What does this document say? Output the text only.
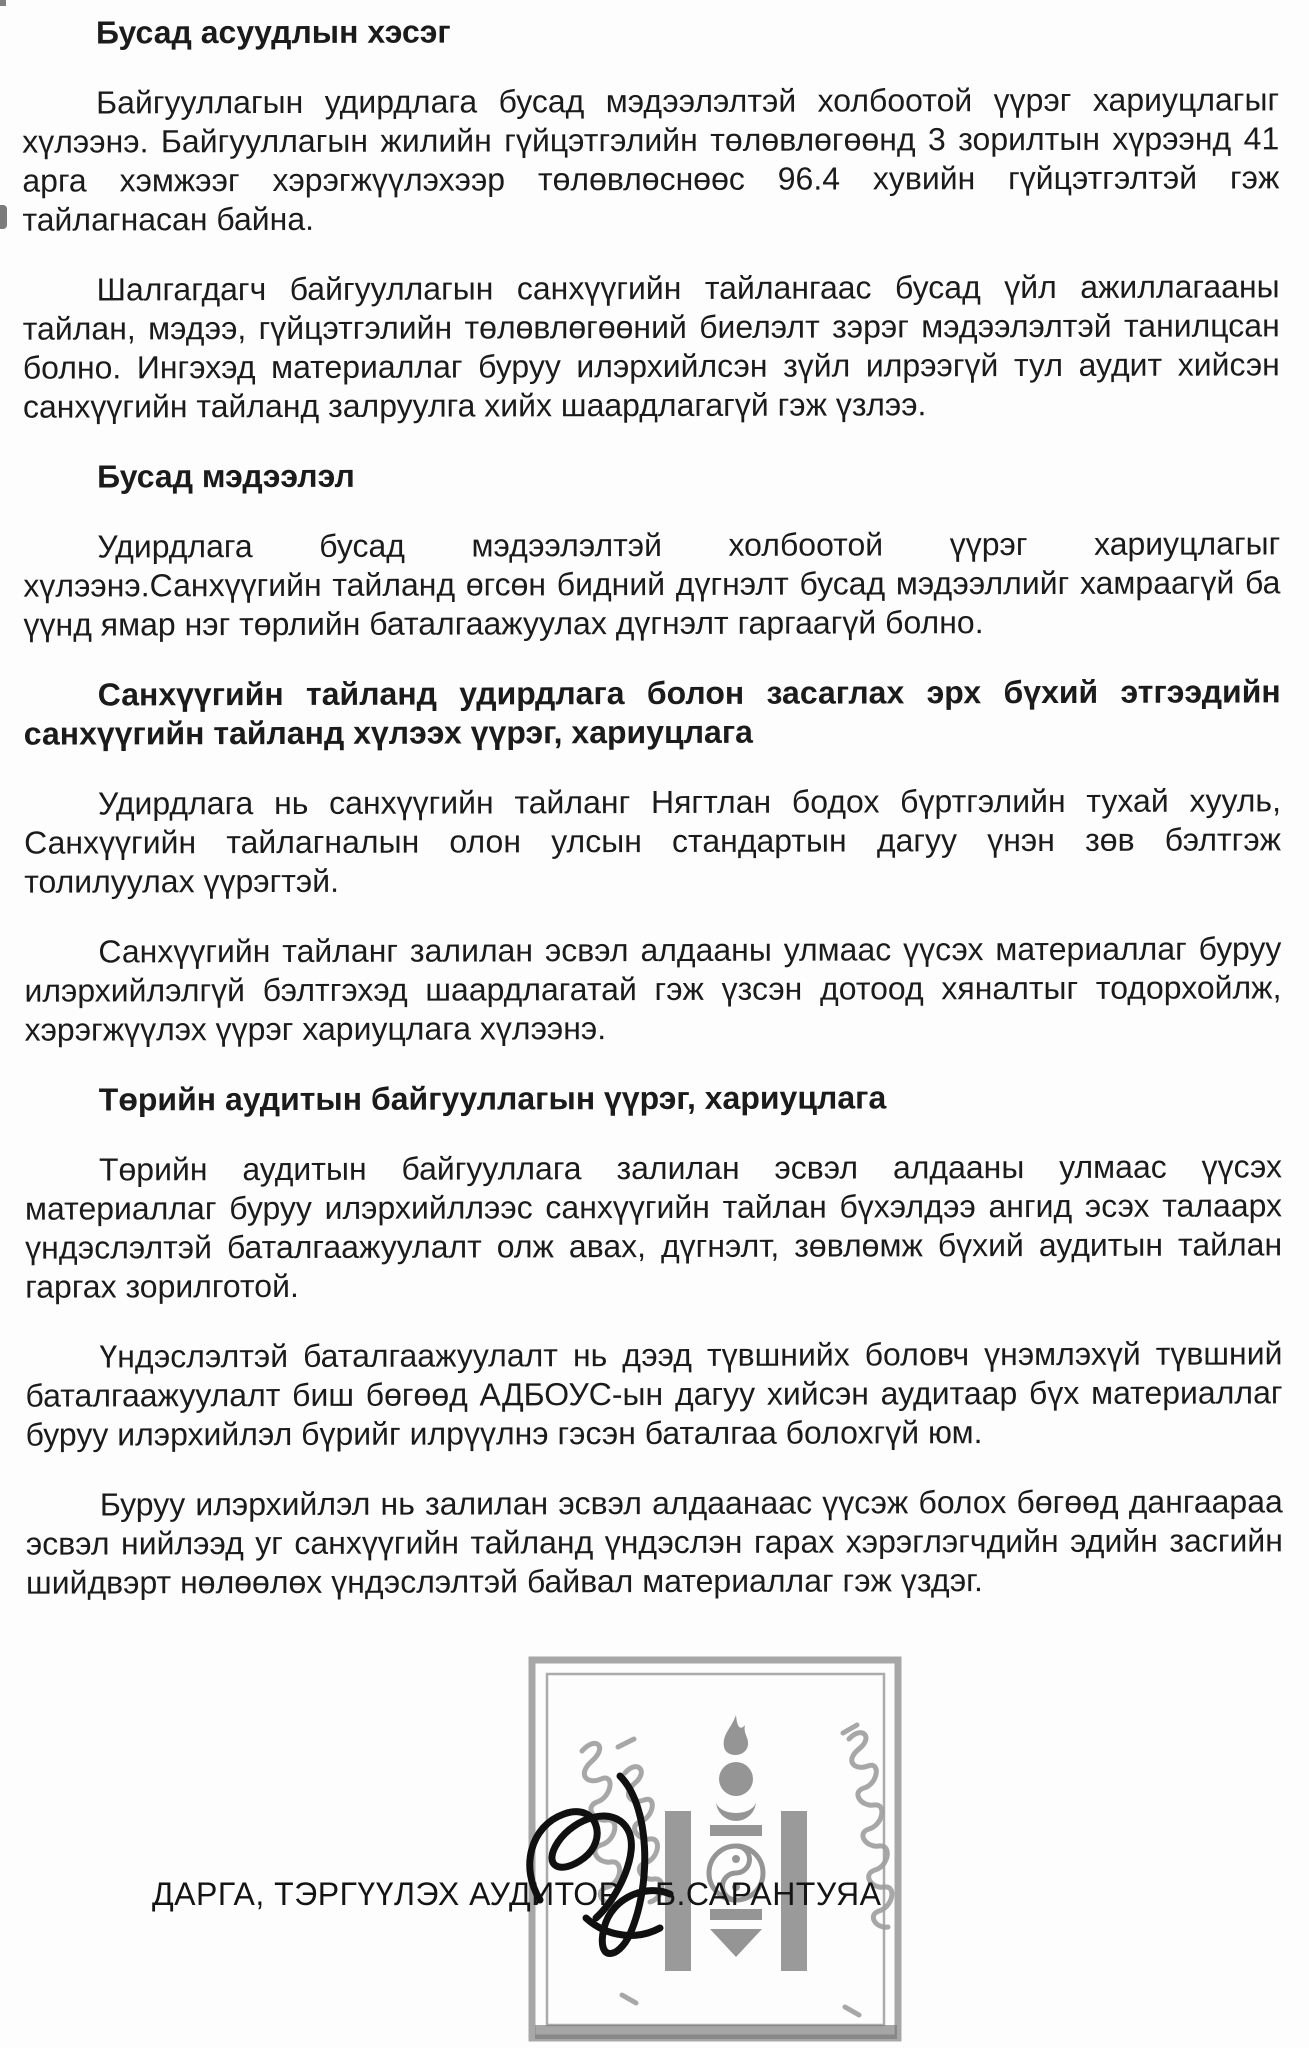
Бусад асуудлын хэсэг

Байгууллагын удирдлага бусад мэдээлэлтэй холбоотой үүрэг хариуцлагыг хүлээнэ. Байгууллагын жилийн гүйцэтгэлийн төлөвлөгөөнд 3 зорилтын хүрээнд 41 арга хэмжээг хэрэгжүүлэхээр төлөвлөснөөс 96.4 хувийн гүйцэтгэлтэй гэж тайлагнасан байна.

Шалгагдагч байгууллагын санхүүгийн тайлангаас бусад үйл ажиллагааны тайлан, мэдээ, гүйцэтгэлийн төлөвлөгөөний биелэлт зэрэг мэдээлэлтэй танилцсан болно. Ингэхэд материаллаг буруу илэрхийлсэн зүйл илрээгүй тул аудит хийсэн санхүүгийн тайланд залруулга хийх шаардлагагүй гэж үзлээ.

Бусад мэдээлэл

Удирдлага бусад мэдээлэлтэй холбоотой үүрэг хариуцлагыг хүлээнэ.Санхүүгийн тайланд өгсөн бидний дүгнэлт бусад мэдээллийг хамраагүй ба үүнд ямар нэг төрлийн баталгаажуулах дүгнэлт гаргаагүй болно.

Санхүүгийн тайланд удирдлага болон засаглах эрх бүхий этгээдийн санхүүгийн тайланд хүлээх үүрэг, хариуцлага

Удирдлага нь санхүүгийн тайланг Нягтлан бодох бүртгэлийн тухай хууль, Санхүүгийн тайлагналын олон улсын стандартын дагуу үнэн зөв бэлтгэж толилуулах үүрэгтэй.

Санхүүгийн тайланг залилан эсвэл алдааны улмаас үүсэх материаллаг буруу илэрхийлэлгүй бэлтгэхэд шаардлагатай гэж үзсэн дотоод хяналтыг тодорхойлж, хэрэгжүүлэх үүрэг хариуцлага хүлээнэ.

Төрийн аудитын байгууллагын үүрэг, хариуцлага

Төрийн аудитын байгууллага залилан эсвэл алдааны улмаас үүсэх материаллаг буруу илэрхийллээс санхүүгийн тайлан бүхэлдээ ангид эсэх талаарх үндэслэлтэй баталгаажуулалт олж авах, дүгнэлт, зөвлөмж бүхий аудитын тайлан гаргах зорилготой.

Үндэслэлтэй баталгаажуулалт нь дээд түвшнийх боловч үнэмлэхүй түвшний баталгаажуулалт биш бөгөөд АДБОУС-ын дагуу хийсэн аудитаар бүх материаллаг буруу илэрхийлэл бүрийг илрүүлнэ гэсэн баталгаа болохгүй юм.

Буруу илэрхийлэл нь залилан эсвэл алдаанаас үүсэж болох бөгөөд дангаараа эсвэл нийлээд уг санхүүгийн тайланд үндэслэн гарах хэрэглэгчдийн эдийн засгийн шийдвэрт нөлөөлөх үндэслэлтэй байвал материаллаг гэж үздэг.

ДАРГА, ТЭРГҮҮЛЭХ АУДИТОР Б.САРАНТУЯА
